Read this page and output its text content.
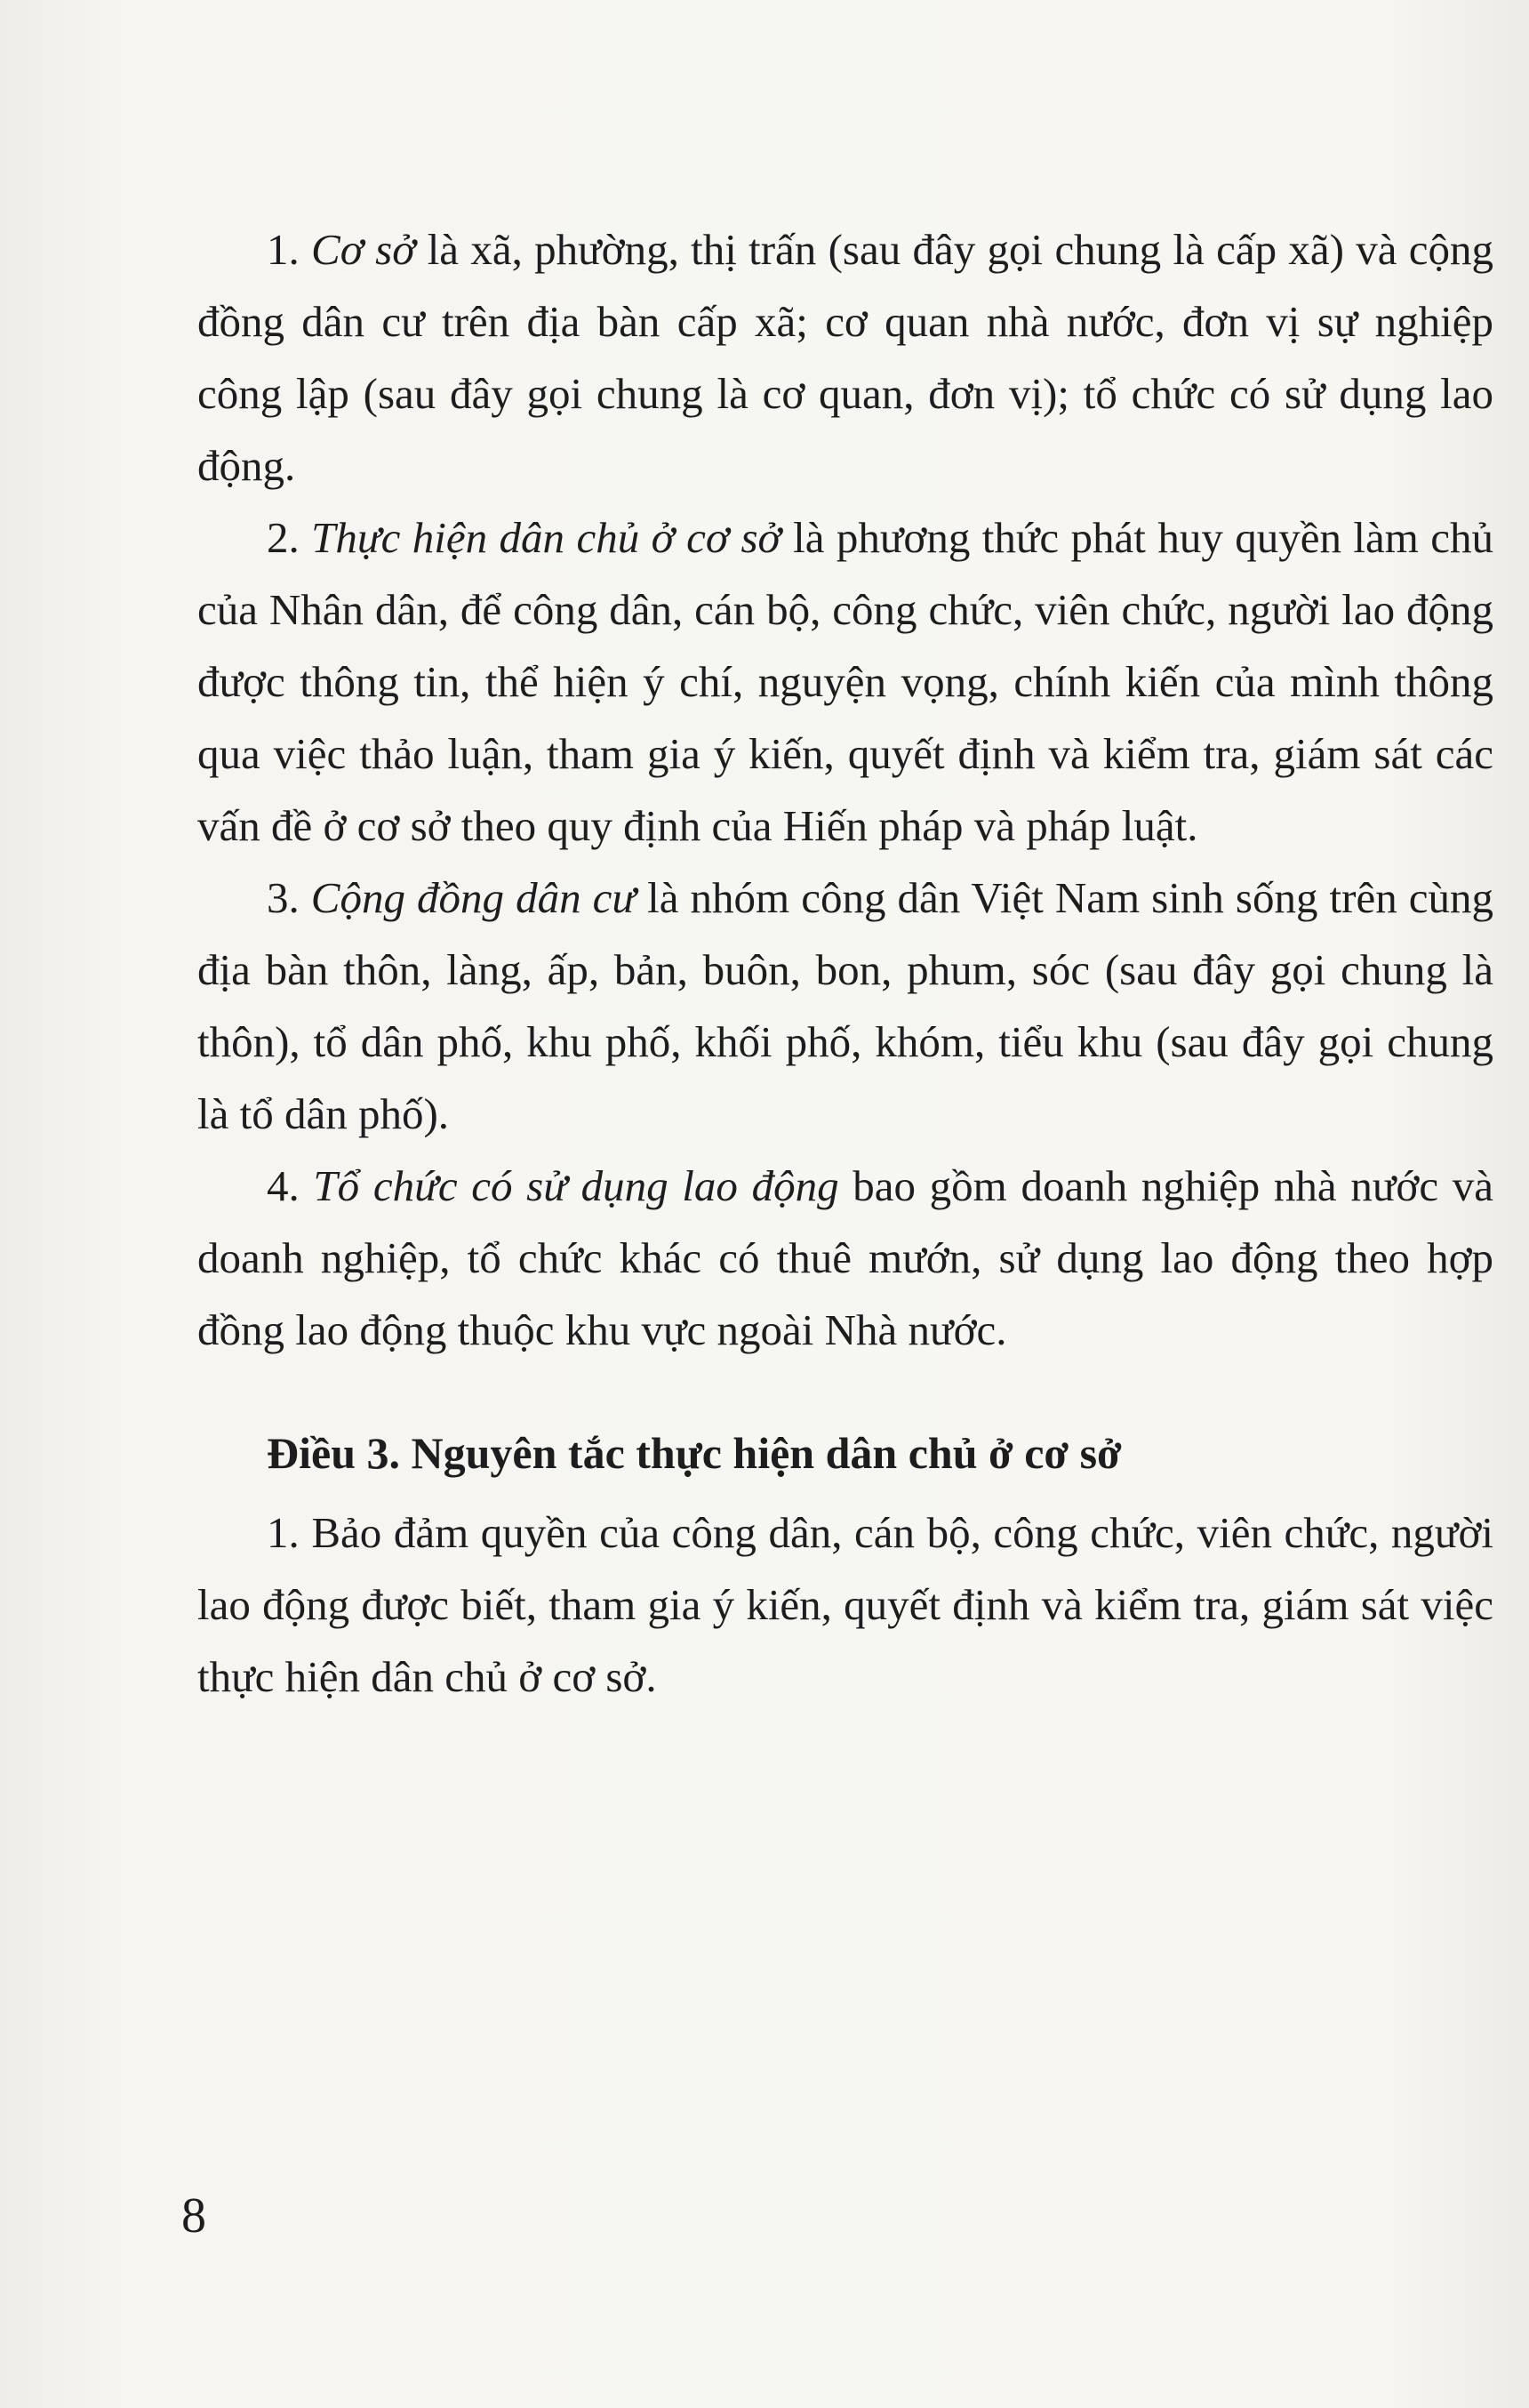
1. Cơ sở là xã, phường, thị trấn (sau đây gọi chung là cấp xã) và cộng đồng dân cư trên địa bàn cấp xã; cơ quan nhà nước, đơn vị sự nghiệp công lập (sau đây gọi chung là cơ quan, đơn vị); tổ chức có sử dụng lao động.

2. Thực hiện dân chủ ở cơ sở là phương thức phát huy quyền làm chủ của Nhân dân, để công dân, cán bộ, công chức, viên chức, người lao động được thông tin, thể hiện ý chí, nguyện vọng, chính kiến của mình thông qua việc thảo luận, tham gia ý kiến, quyết định và kiểm tra, giám sát các vấn đề ở cơ sở theo quy định của Hiến pháp và pháp luật.

3. Cộng đồng dân cư là nhóm công dân Việt Nam sinh sống trên cùng địa bàn thôn, làng, ấp, bản, buôn, bon, phum, sóc (sau đây gọi chung là thôn), tổ dân phố, khu phố, khối phố, khóm, tiểu khu (sau đây gọi chung là tổ dân phố).

4. Tổ chức có sử dụng lao động bao gồm doanh nghiệp nhà nước và doanh nghiệp, tổ chức khác có thuê mướn, sử dụng lao động theo hợp đồng lao động thuộc khu vực ngoài Nhà nước.

Điều 3. Nguyên tắc thực hiện dân chủ ở cơ sở

1. Bảo đảm quyền của công dân, cán bộ, công chức, viên chức, người lao động được biết, tham gia ý kiến, quyết định và kiểm tra, giám sát việc thực hiện dân chủ ở cơ sở.

8
